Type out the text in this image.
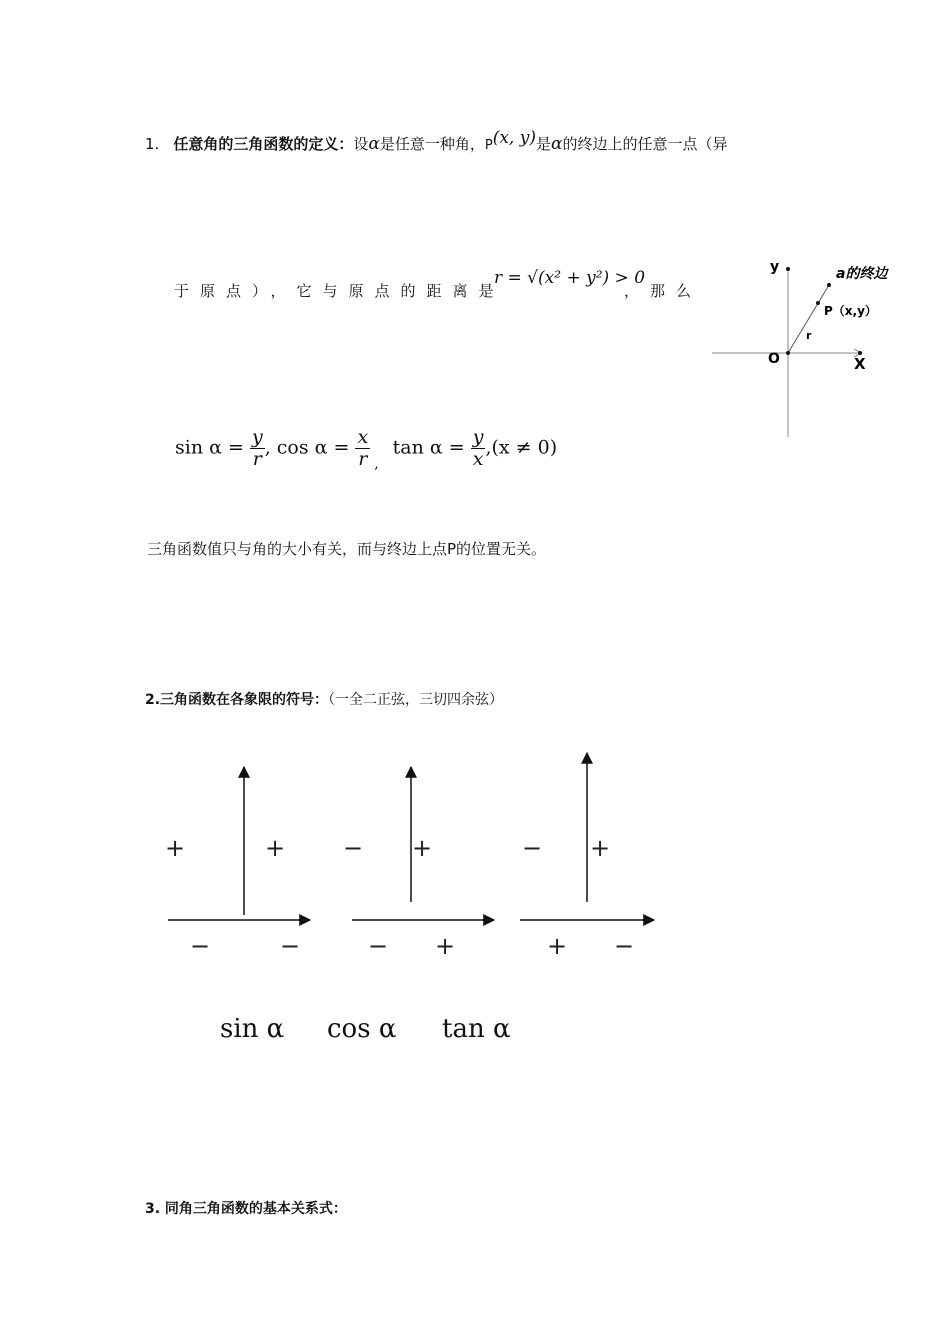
1. 任意角的三角函数的定义：设α是任意一种角，P(x, y)是α的终边上的任意一点（异
于原点），它与原点的距离是
r = √(x² + y²) > 0
，那么
$\sin \alpha = \frac{y}{r}$ , $\cos \alpha = \frac{x}{r} _,\tan$ $\alpha = \frac{y}{x} ,(x \ne 0)$
三角函数值只与角的大小有关，而与终边上点P的位置无关。
y	a的终边
P（x,y）
r
O	X
2.三角函数在各象限的符号：（一全二正弦，三切四余弦）
+	+
−	−
− +
− +
− +
+ −
sin α cos α tan α
3. 同角三角函数的基本关系式：
